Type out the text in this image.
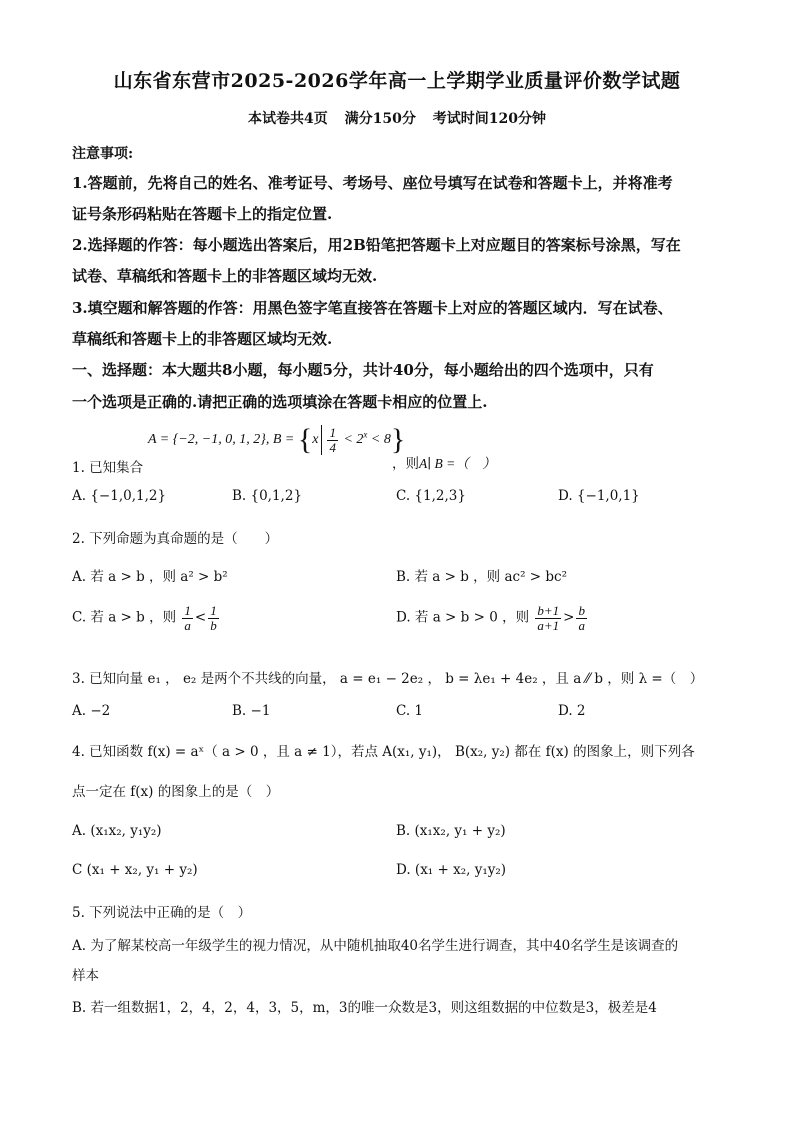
山东省东营市2025-2026学年高一上学期学业质量评价数学试题
本试卷共4页 满分150分 考试时间120分钟
注意事项:
1.答题前，先将自己的姓名、准考证号、考场号、座位号填写在试卷和答题卡上，并将准考
证号条形码粘贴在答题卡上的指定位置.
2.选择题的作答：每小题选出答案后，用2B铅笔把答题卡上对应题目的答案标号涂黑，写在
试卷、草稿纸和答题卡上的非答题区域均无效.
3.填空题和解答题的作答：用黑色签字笔直接答在答题卡上对应的答题区域内．写在试卷、
草稿纸和答题卡上的非答题区域均无效.
一、选择题：本大题共8小题，每小题5分，共计40分，每小题给出的四个选项中，只有
一个选项是正确的.请把正确的选项填涂在答题卡相应的位置上.
A = {−2, −1, 0, 1, 2}, $B = \{x \frac{1}{4} < 2^x < 8\}$
1. 已知集合	，则A∣ B =（　）
A. {−1,0,1,2}	B. {0,1,2}	C. {1,2,3}	D. {−1,0,1}
2. 下列命题为真命题的是（　　）
A. 若 a > b ，则 a² > b²	B. 若 a > b ，则 ac² > bc²
C. 若 a > b ，则 $\frac{1}{a} < \frac{1}{b}$	D. 若 a > b > 0 ，则 $\frac{b+1}{a+1} > \frac{b}{a}$
3. 已知向量 e₁ ， e₂ 是两个不共线的向量， a = e₁ − 2e₂ ， b = λe₁ + 4e₂ ，且 a ⁄⁄ b ，则 λ =（　）
A. −2	B. −1	C. 1	D. 2
4. 已知函数 f(x) = aˣ（ a > 0 ，且 a ≠ 1），若点 A(x₁, y₁)， B(x₂, y₂) 都在 f(x) 的图象上，则下列各
点一定在 f(x) 的图象上的是（　）
A. (x₁x₂, y₁y₂)	B. (x₁x₂, y₁ + y₂)
C (x₁ + x₂, y₁ + y₂)	D. (x₁ + x₂, y₁y₂)
5. 下列说法中正确的是（　）
A. 为了解某校高一年级学生的视力情况，从中随机抽取40名学生进行调查，其中40名学生是该调查的
样本
B. 若一组数据1，2，4，2，4，3，5，m，3的唯一众数是3，则这组数据的中位数是3，极差是4
